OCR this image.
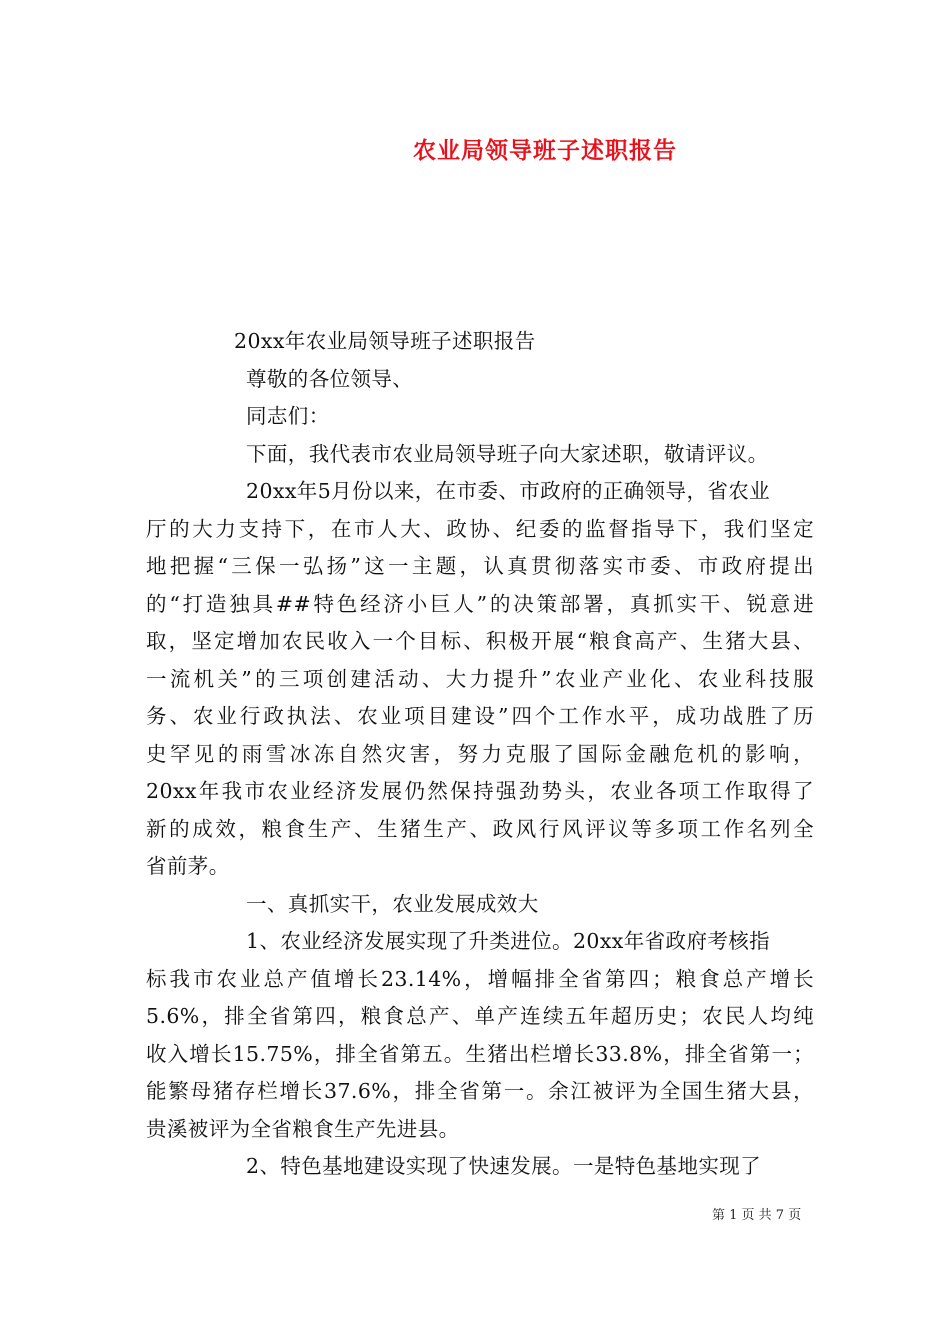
农业局领导班子述职报告
20xx年农业局领导班子述职报告
尊敬的各位领导、
同志们：
下面，我代表市农业局领导班子向大家述职，敬请评议。
20xx年5月份以来，在市委、市政府的正确领导，省农业
厅的大力支持下，在市人大、政协、纪委的监督指导下，我们坚定
地把握“三保一弘扬”这一主题，认真贯彻落实市委、市政府提出
的“打造独具##特色经济小巨人”的决策部署，真抓实干、锐意进
取，坚定增加农民收入一个目标、积极开展“粮食高产、生猪大县、
一流机关”的三项创建活动、大力提升”农业产业化、农业科技服
务、农业行政执法、农业项目建设”四个工作水平，成功战胜了历
史罕见的雨雪冰冻自然灾害，努力克服了国际金融危机的影响，
20xx年我市农业经济发展仍然保持强劲势头，农业各项工作取得了
新的成效，粮食生产、生猪生产、政风行风评议等多项工作名列全
省前茅。
一、真抓实干，农业发展成效大
1、农业经济发展实现了升类进位。20xx年省政府考核指
标我市农业总产值增长23.14%，增幅排全省第四；粮食总产增长
5.6%，排全省第四，粮食总产、单产连续五年超历史；农民人均纯
收入增长15.75%，排全省第五。生猪出栏增长33.8%，排全省第一；
能繁母猪存栏增长37.6%，排全省第一。余江被评为全国生猪大县，
贵溪被评为全省粮食生产先进县。
2、特色基地建设实现了快速发展。一是特色基地实现了
第 1 页 共 7 页
